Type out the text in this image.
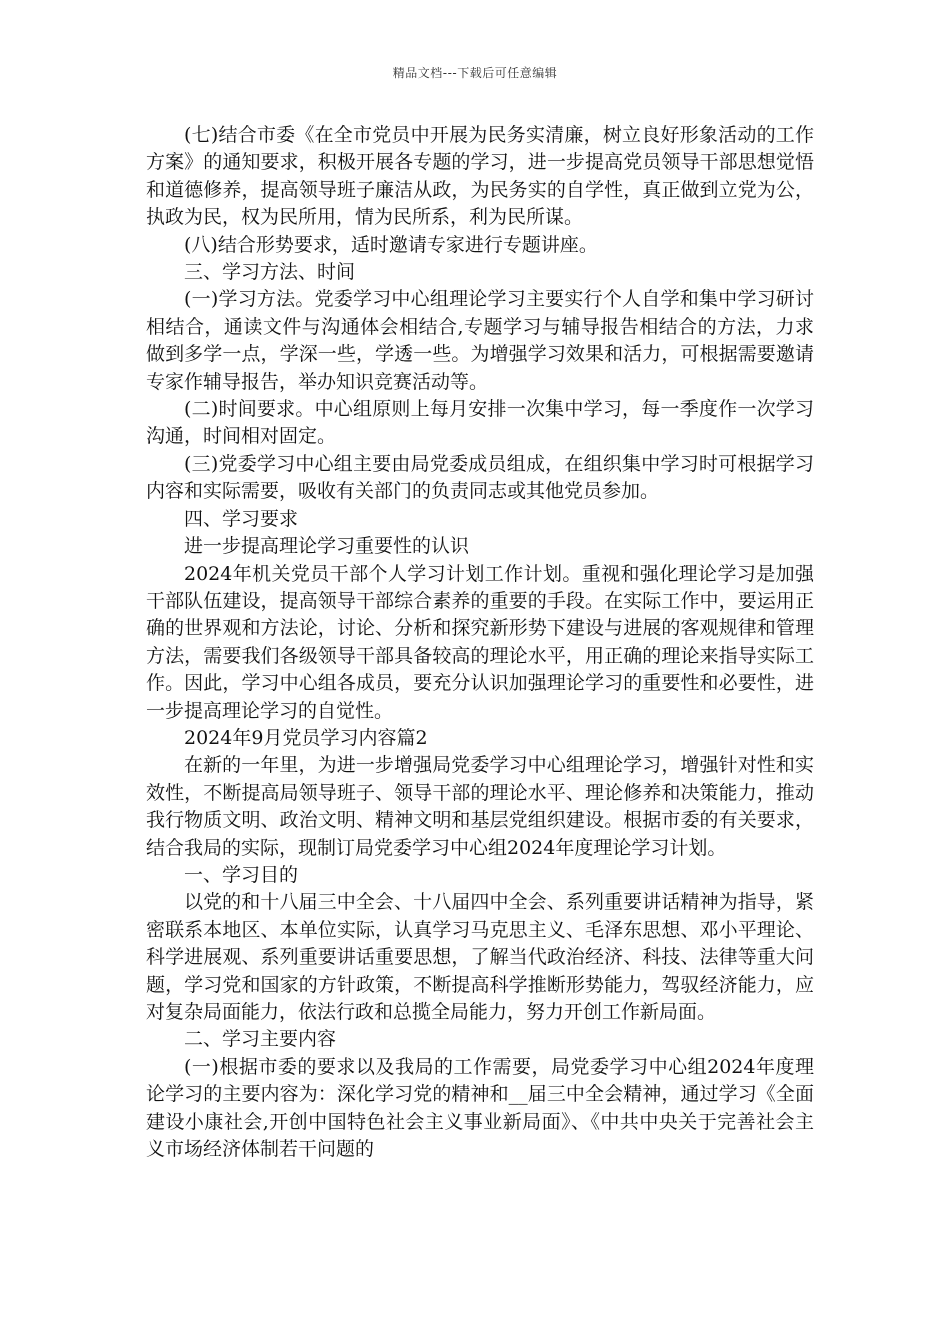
精品文档---下载后可任意编辑

(七)结合市委《在全市党员中开展为民务实清廉，树立良好形象活动的工作方案》的通知要求，积极开展各专题的学习，进一步提高党员领导干部思想觉悟和道德修养，提高领导班子廉洁从政，为民务实的自学性，真正做到立党为公，执政为民，权为民所用，情为民所系，利为民所谋。

(八)结合形势要求，适时邀请专家进行专题讲座。

三、学习方法、时间

(一)学习方法。党委学习中心组理论学习主要实行个人自学和集中学习研讨相结合，通读文件与沟通体会相结合,专题学习与辅导报告相结合的方法，力求做到多学一点，学深一些，学透一些。为增强学习效果和活力，可根据需要邀请专家作辅导报告，举办知识竞赛活动等。

(二)时间要求。中心组原则上每月安排一次集中学习，每一季度作一次学习沟通，时间相对固定。

(三)党委学习中心组主要由局党委成员组成，在组织集中学习时可根据学习内容和实际需要，吸收有关部门的负责同志或其他党员参加。

四、学习要求

进一步提高理论学习重要性的认识

2024年机关党员干部个人学习计划工作计划。重视和强化理论学习是加强干部队伍建设，提高领导干部综合素养的重要的手段。在实际工作中，要运用正确的世界观和方法论，讨论、分析和探究新形势下建设与进展的客观规律和管理方法，需要我们各级领导干部具备较高的理论水平，用正确的理论来指导实际工作。因此，学习中心组各成员，要充分认识加强理论学习的重要性和必要性，进一步提高理论学习的自觉性。

2024年9月党员学习内容篇2

在新的一年里，为进一步增强局党委学习中心组理论学习，增强针对性和实效性，不断提高局领导班子、领导干部的理论水平、理论修养和决策能力，推动我行物质文明、政治文明、精神文明和基层党组织建设。根据市委的有关要求，结合我局的实际，现制订局党委学习中心组2024年度理论学习计划。

一、学习目的

以党的和十八届三中全会、十八届四中全会、系列重要讲话精神为指导，紧密联系本地区、本单位实际，认真学习马克思主义、毛泽东思想、邓小平理论、科学进展观、系列重要讲话重要思想，了解当代政治经济、科技、法律等重大问题，学习党和国家的方针政策，不断提高科学推断形势能力，驾驭经济能力，应对复杂局面能力，依法行政和总揽全局能力，努力开创工作新局面。

二、学习主要内容

(一)根据市委的要求以及我局的工作需要，局党委学习中心组2024年度理论学习的主要内容为：深化学习党的精神和__届三中全会精神，通过学习《全面建设小康社会,开创中国特色社会主义事业新局面》、《中共中央关于完善社会主义市场经济体制若干问题的
